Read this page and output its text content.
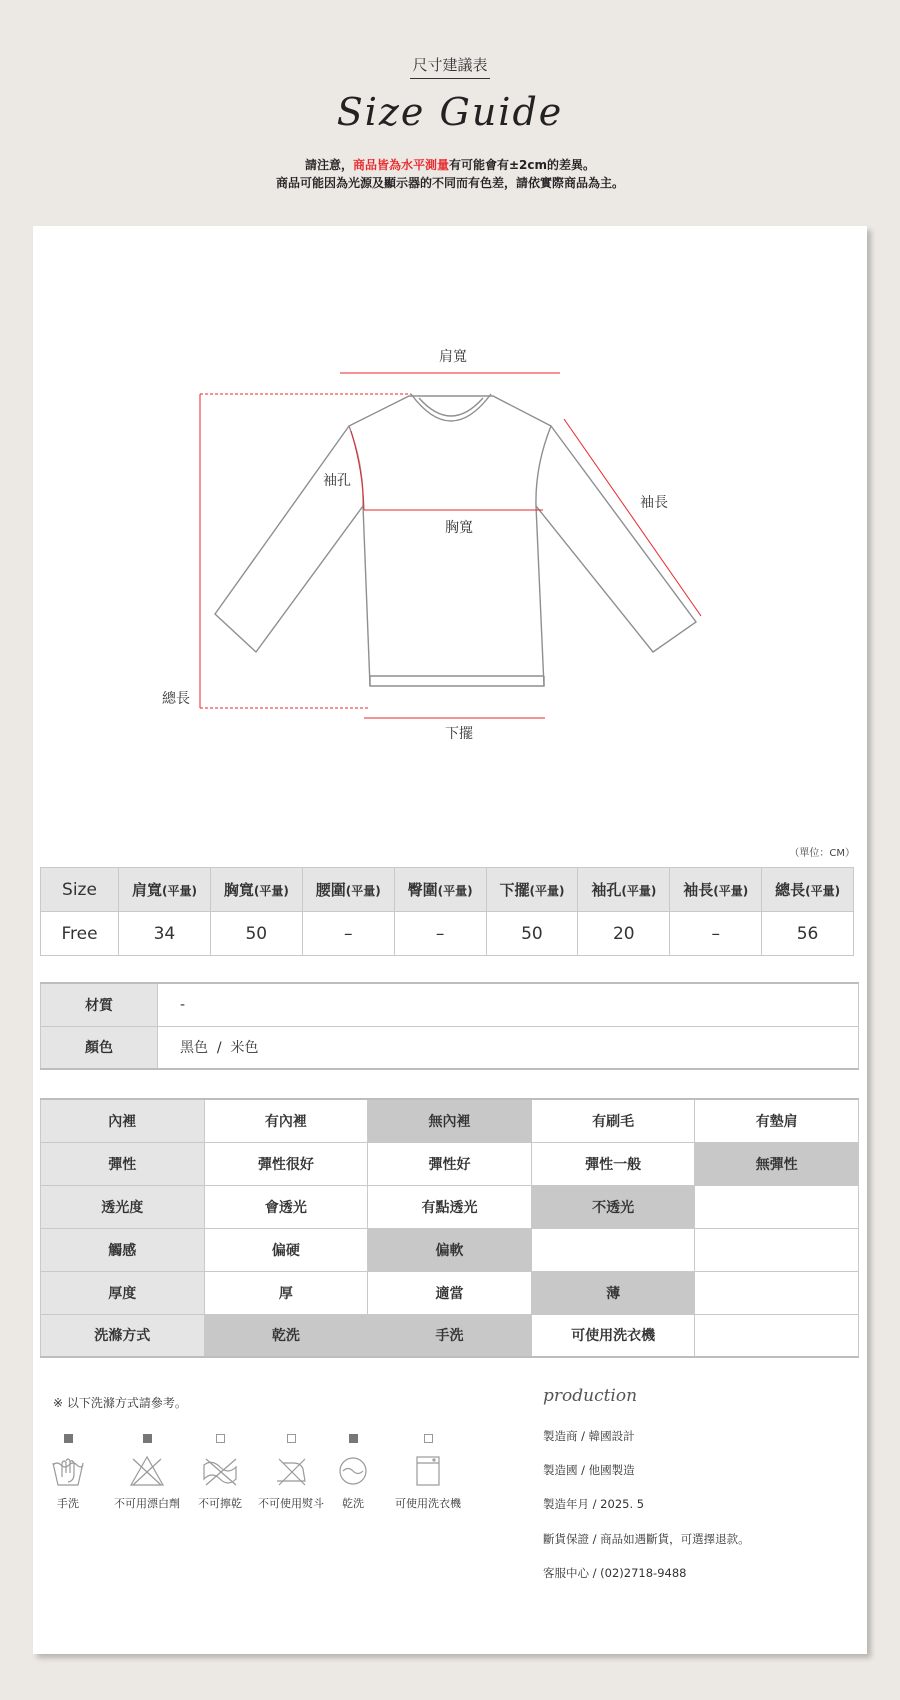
尺寸建議表
Size Guide
請注意，商品皆為水平測量有可能會有±2cm的差異。
商品可能因為光源及顯示器的不同而有色差，請依實際商品為主。
肩寬
袖孔
袖長
胸寬
總長
下擺
（單位：CM）
Size	肩寬(平量)	胸寬(平量)	腰圍(平量)	臀圍(平量)	下擺(平量)	袖孔(平量)	袖長(平量)	總長(平量)
Free	34	50	–	–	50	20	–	56
材質	-
顏色	黑色  /  米色
內裡	有內裡	無內裡	有刷毛	有墊肩
彈性	彈性很好	彈性好	彈性一般	無彈性
透光度	會透光	有點透光	不透光	
觸感	偏硬	偏軟		
厚度	厚	適當	薄	
洗滌方式	乾洗	手洗	可使用洗衣機	
※ 以下洗滌方式請參考。
手洗	不可用漂白劑	不可擰乾	不可使用熨斗	乾洗	可使用洗衣機
production
製造商 / 韓國設計
製造國 / 他國製造
製造年月 / 2025. 5
斷貨保證 / 商品如遇斷貨，可選擇退款。
客服中心 / (02)2718-9488
